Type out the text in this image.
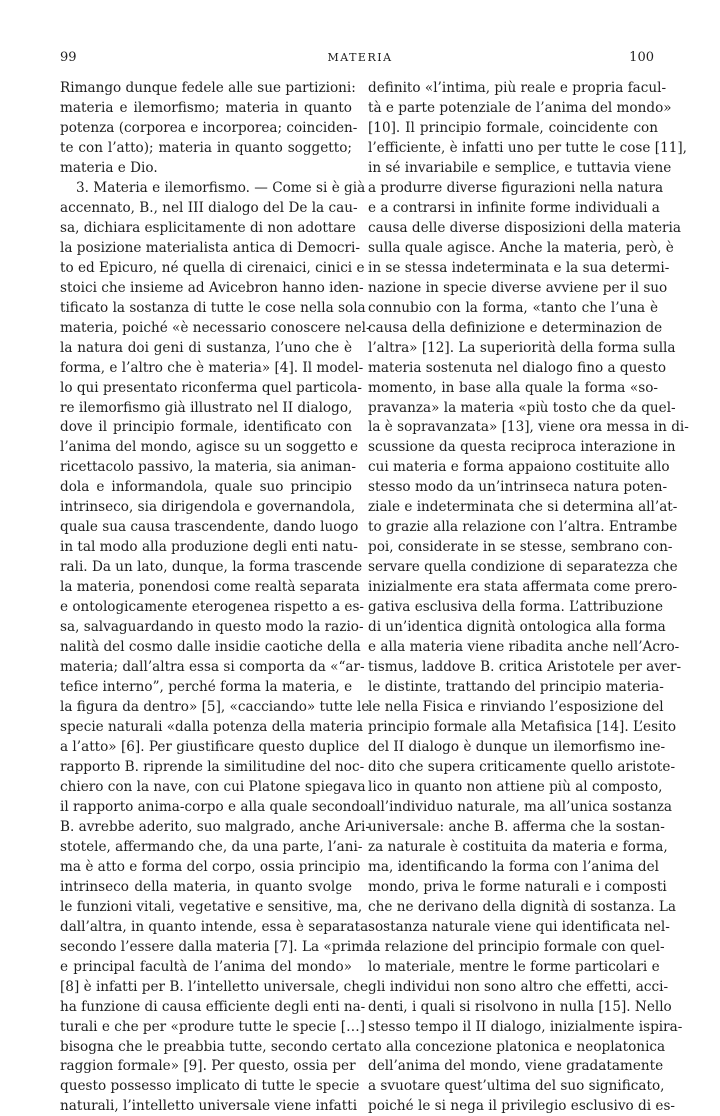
99	MATERIA	100
Rimango dunque fedele alle sue partizioni:
materia e ilemorfismo; materia in quanto
potenza (corporea e incorporea; coinciden-
te con l’atto); materia in quanto soggetto;
materia e Dio.
3. Materia e ilemorfismo. — Come si è già
accennato, B., nel III dialogo del De la cau-
sa, dichiara esplicitamente di non adottare
la posizione materialista antica di Democri-
to ed Epicuro, né quella di cirenaici, cinici e
stoici che insieme ad Avicebron hanno iden-
tificato la sostanza di tutte le cose nella sola
materia, poiché «è necessario conoscere nel-
la natura doi geni di sustanza, l’uno che è
forma, e l’altro che è materia» [4]. Il model-
lo qui presentato riconferma quel particola-
re ilemorfismo già illustrato nel II dialogo,
dove il principio formale, identificato con
l’anima del mondo, agisce su un soggetto e
ricettacolo passivo, la materia, sia animan-
dola e informandola, quale suo principio
intrinseco, sia dirigendola e governandola,
quale sua causa trascendente, dando luogo
in tal modo alla produzione degli enti natu-
rali. Da un lato, dunque, la forma trascende
la materia, ponendosi come realtà separata
e ontologicamente eterogenea rispetto a es-
sa, salvaguardando in questo modo la razio-
nalità del cosmo dalle insidie caotiche della
materia; dall’altra essa si comporta da «“ar-
tefice interno”, perché forma la materia, e
la figura da dentro» [5], «cacciando» tutte le
specie naturali «dalla potenza della materia
a l’atto» [6]. Per giustificare questo duplice
rapporto B. riprende la similitudine del noc-
chiero con la nave, con cui Platone spiegava
il rapporto anima-corpo e alla quale secondo
B. avrebbe aderito, suo malgrado, anche Ari-
stotele, affermando che, da una parte, l’ani-
ma è atto e forma del corpo, ossia principio
intrinseco della materia, in quanto svolge
le funzioni vitali, vegetative e sensitive, ma,
dall’altra, in quanto intende, essa è separata
secondo l’essere dalla materia [7]. La «prima
e principal facultà de l’anima del mondo»
[8] è infatti per B. l’intelletto universale, che
ha funzione di causa efficiente degli enti na-
turali e che per «produre tutte le specie […]
bisogna che le preabbia tutte, secondo certa
raggion formale» [9]. Per questo, ossia per
questo possesso implicato di tutte le specie
naturali, l’intelletto universale viene infatti
definito «l’intima, più reale e propria facul-
tà e parte potenziale de l’anima del mondo»
[10]. Il principio formale, coincidente con
l’efficiente, è infatti uno per tutte le cose [11],
in sé invariabile e semplice, e tuttavia viene
a produrre diverse figurazioni nella natura
e a contrarsi in infinite forme individuali a
causa delle diverse disposizioni della materia
sulla quale agisce. Anche la materia, però, è
in se stessa indeterminata e la sua determi-
nazione in specie diverse avviene per il suo
connubio con la forma, «tanto che l’una è
causa della definizione e determinazion de
l’altra» [12]. La superiorità della forma sulla
materia sostenuta nel dialogo fino a questo
momento, in base alla quale la forma «so-
pravanza» la materia «più tosto che da quel-
la è sopravanzata» [13], viene ora messa in di-
scussione da questa reciproca interazione in
cui materia e forma appaiono costituite allo
stesso modo da un’intrinseca natura poten-
ziale e indeterminata che si determina all’at-
to grazie alla relazione con l’altra. Entrambe
poi, considerate in se stesse, sembrano con-
servare quella condizione di separatezza che
inizialmente era stata affermata come prero-
gativa esclusiva della forma. L’attribuzione
di un’identica dignità ontologica alla forma
e alla materia viene ribadita anche nell’Acro-
tismus, laddove B. critica Aristotele per aver-
le distinte, trattando del principio materia-
le nella Fisica e rinviando l’esposizione del
principio formale alla Metafisica [14]. L’esito
del II dialogo è dunque un ilemorfismo ine-
dito che supera criticamente quello aristote-
lico in quanto non attiene più al composto,
all’individuo naturale, ma all’unica sostanza
universale: anche B. afferma che la sostan-
za naturale è costituita da materia e forma,
ma, identificando la forma con l’anima del
mondo, priva le forme naturali e i composti
che ne derivano della dignità di sostanza. La
sostanza naturale viene qui identificata nel-
la relazione del principio formale con quel-
lo materiale, mentre le forme particolari e
gli individui non sono altro che effetti, acci-
denti, i quali si risolvono in nulla [15]. Nello
stesso tempo il II dialogo, inizialmente ispira-
to alla concezione platonica e neoplatonica
dell’anima del mondo, viene gradatamente
a svuotare quest’ultima del suo significato,
poiché le si nega il privilegio esclusivo di es-
